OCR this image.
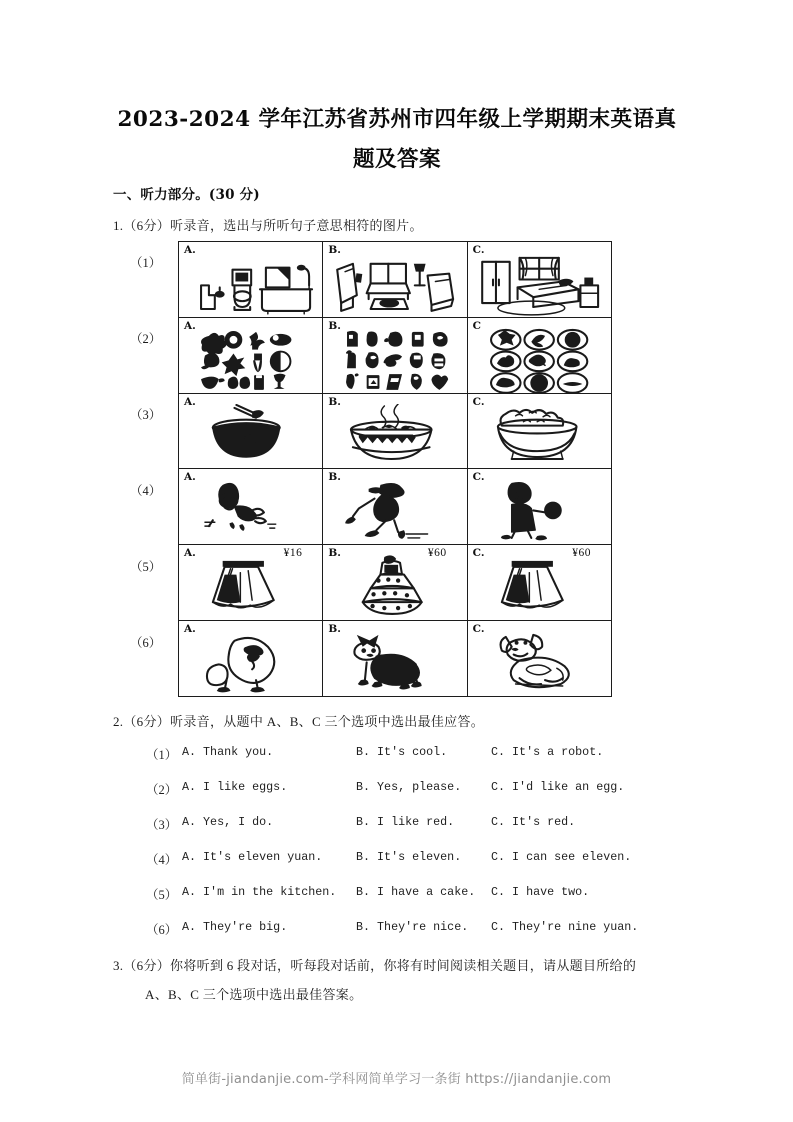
2023-2024 学年江苏省苏州市四年级上学期期末英语真题及答案
一、听力部分。(30 分)
1.（6分）听录音，选出与所听句子意思相符的图片。
（1）
（2）
（3）
（4）
（5）
（6）
A.	B.	C.
A.	B.	C
A.	B.	C.
A.	B.	C.
A.	¥16 B.	¥60 C.	¥60
A.	B.	C.
2.（6分）听录音，从题中 A、B、C 三个选项中选出最佳应答。
（1） A. Thank you.	B. It's cool.	C. It's a robot.
（2） A. I like eggs.	B. Yes, please.	C. I'd like an egg.
（3） A. Yes, I do.	B. I like red.	C. It's red.
（4） A. It's eleven yuan.	B. It's eleven.	C. I can see eleven.
（5） A. I'm in the kitchen. B. I have a cake. C. I have two.
（6） A. They're big.	B. They're nice. C. They're nine yuan.
3.（6分）你将听到 6 段对话，听每段对话前，你将有时间阅读相关题目，请从题目所给的
A、B、C 三个选项中选出最佳答案。
简单街-jiandanjie.com-学科网简单学习一条街 https://jiandanjie.com
